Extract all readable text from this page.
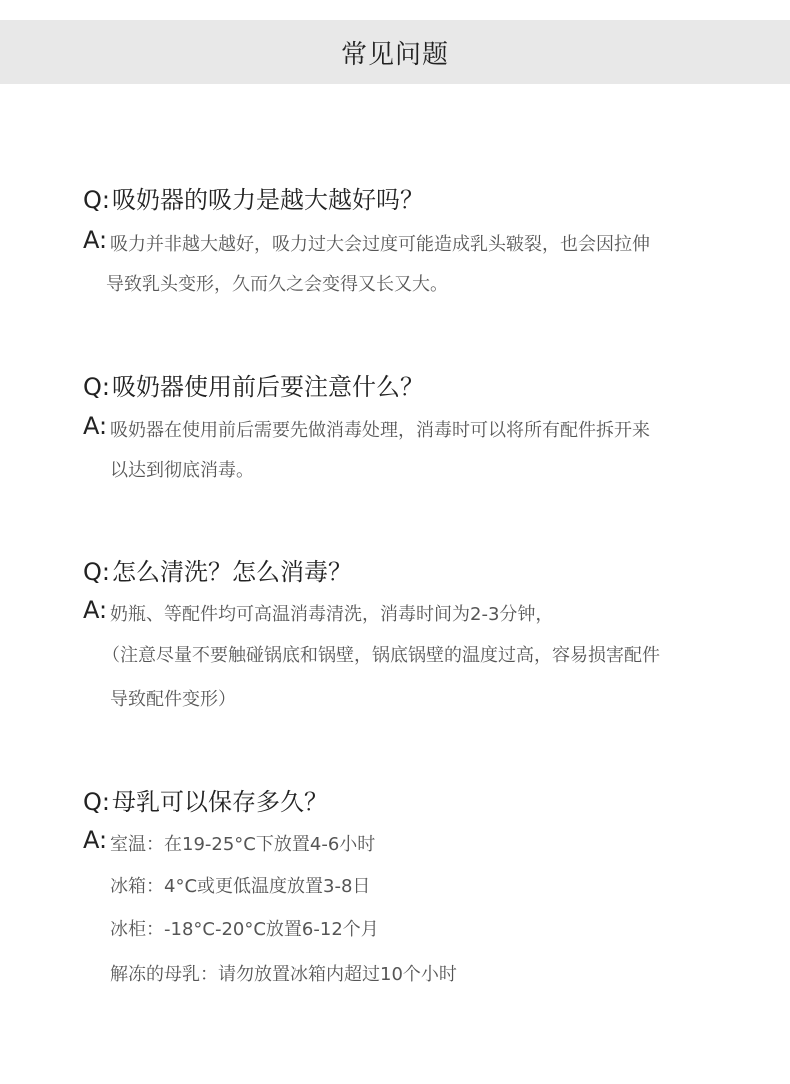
常见问题
Q:吸奶器的吸力是越大越好吗？
A: 吸力并非越大越好，吸力过大会过度可能造成乳头皲裂，也会因拉伸
导致乳头变形，久而久之会变得又长又大。
Q:吸奶器使用前后要注意什么？
A: 吸奶器在使用前后需要先做消毒处理，消毒时可以将所有配件拆开来
以达到彻底消毒。
Q:怎么清洗？怎么消毒？
A: 奶瓶、等配件均可高温消毒清洗，消毒时间为2-3分钟，
（注意尽量不要触碰锅底和锅壁，锅底锅壁的温度过高，容易损害配件
导致配件变形）
Q:母乳可以保存多久？
A: 室温：在19-25°C下放置4-6小时
冰箱：4°C或更低温度放置3-8日
冰柜：-18°C-20°C放置6-12个月
解冻的母乳：请勿放置冰箱内超过10个小时
